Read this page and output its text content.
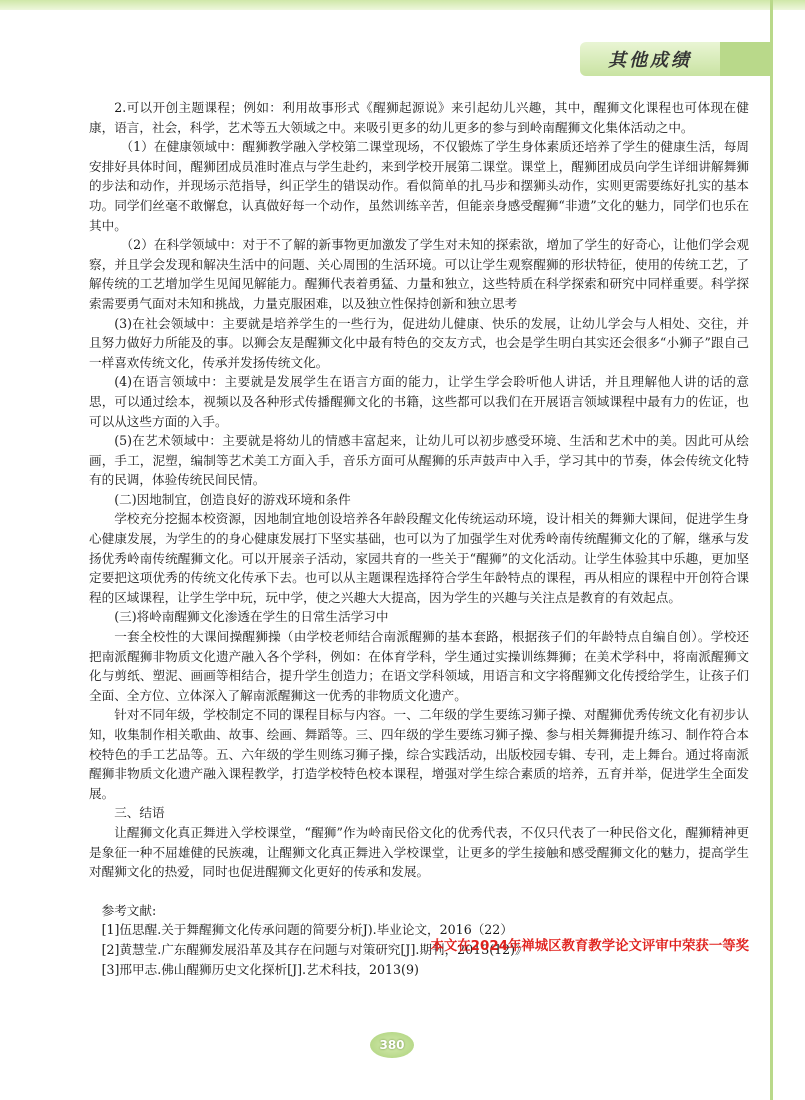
其他成绩

2.可以开创主题课程；例如：利用故事形式《醒狮起源说》来引起幼儿兴趣，其中，醒狮文化课程也可体现在健康，语言，社会，科学，艺术等五大领域之中。来吸引更多的幼儿更多的参与到岭南醒狮文化集体活动之中。

（1）在健康领域中：醒狮教学融入学校第二课堂现场，不仅锻炼了学生身体素质还培养了学生的健康生活，每周安排好具体时间，醒狮团成员准时准点与学生赴约，来到学校开展第二课堂。课堂上，醒狮团成员向学生详细讲解舞狮的步法和动作，并现场示范指导，纠正学生的错误动作。看似简单的扎马步和摆狮头动作，实则更需要练好扎实的基本功。同学们丝毫不敢懈怠，认真做好每一个动作，虽然训练辛苦，但能亲身感受醒狮“非遗”文化的魅力，同学们也乐在其中。

（2）在科学领域中：对于不了解的新事物更加激发了学生对未知的探索欲，增加了学生的好奇心，让他们学会观察，并且学会发现和解决生活中的问题、关心周围的生活环境。可以让学生观察醒狮的形状特征，使用的传统工艺，了解传统的工艺增加学生见闻见解能力。醒狮代表着勇猛、力量和独立，这些特质在科学探索和研究中同样重要。科学探索需要勇气面对未知和挑战，力量克服困难，以及独立性保持创新和独立思考

(3)在社会领域中：主要就是培养学生的一些行为，促进幼儿健康、快乐的发展，让幼儿学会与人相处、交往，并且努力做好力所能及的事。以狮会友是醒狮文化中最有特色的交友方式，也会是学生明白其实还会很多“小狮子”跟自己一样喜欢传统文化，传承并发扬传统文化。

(4)在语言领域中：主要就是发展学生在语言方面的能力，让学生学会聆听他人讲话，并且理解他人讲的话的意思，可以通过绘本，视频以及各种形式传播醒狮文化的书籍，这些都可以我们在开展语言领域课程中最有力的佐证，也可以从这些方面的入手。

(5)在艺术领域中：主要就是将幼儿的情感丰富起来，让幼儿可以初步感受环境、生活和艺术中的美。因此可从绘画，手工，泥塑，编制等艺术美工方面入手，音乐方面可从醒狮的乐声鼓声中入手，学习其中的节奏，体会传统文化特有的民调，体验传统民间民情。

(二)因地制宜，创造良好的游戏环境和条件

学校充分挖掘本校资源，因地制宜地创设培养各年龄段醒文化传统运动环境，设计相关的舞狮大课间，促进学生身心健康发展，为学生的的身心健康发展打下坚实基础，也可以为了加强学生对优秀岭南传统醒狮文化的了解，继承与发扬优秀岭南传统醒狮文化。可以开展亲子活动，家园共育的一些关于“醒狮”的文化活动。让学生体验其中乐趣，更加坚定要把这项优秀的传统文化传承下去。也可以从主题课程选择符合学生年龄特点的课程，再从相应的课程中开创符合课程的区域课程，让学生学中玩，玩中学，使之兴趣大大提高，因为学生的兴趣与关注点是教育的有效起点。

(三)将岭南醒狮文化渗透在学生的日常生活学习中

一套全校性的大课间操醒狮操（由学校老师结合南派醒狮的基本套路，根据孩子们的年龄特点自编自创）。学校还把南派醒狮非物质文化遗产融入各个学科，例如：在体育学科，学生通过实操训练舞狮；在美术学科中，将南派醒狮文化与剪纸、塑泥、画画等相结合，提升学生创造力；在语文学科领域，用语言和文字将醒狮文化传授给学生，让孩子们全面、全方位、立体深入了解南派醒狮这一优秀的非物质文化遗产。

针对不同年级，学校制定不同的课程目标与内容。一、二年级的学生要练习狮子操、对醒狮优秀传统文化有初步认知，收集制作相关歌曲、故事、绘画、舞蹈等。三、四年级的学生要练习狮子操、参与相关舞狮提升练习、制作符合本校特色的手工艺品等。五、六年级的学生则练习狮子操，综合实践活动，出版校园专辑、专刊，走上舞台。通过将南派醒狮非物质文化遗产融入课程教学，打造学校特色校本课程，增强对学生综合素质的培养，五育并举，促进学生全面发展。

三、结语

让醒狮文化真正舞进入学校课堂，“醒狮”作为岭南民俗文化的优秀代表，不仅只代表了一种民俗文化，醒狮精神更是象征一种不屈雄健的民族魂，让醒狮文化真正舞进入学校课堂，让更多的学生接触和感受醒狮文化的魅力，提高学生对醒狮文化的热爱，同时也促进醒狮文化更好的传承和发展。

参考文献:

[1]伍思醒.关于舞醒狮文化传承问题的简要分析J).毕业论文，2016（22）

[2]黄慧莹.广东醒狮发展沿革及其存在问题与对策研究[J].期刊，2013(12)》

[3]邢甲志.佛山醒狮历史文化探析[J].艺术科技，2013(9)

本文在2024年禅城区教育教学论文评审中荣获一等奖
380
